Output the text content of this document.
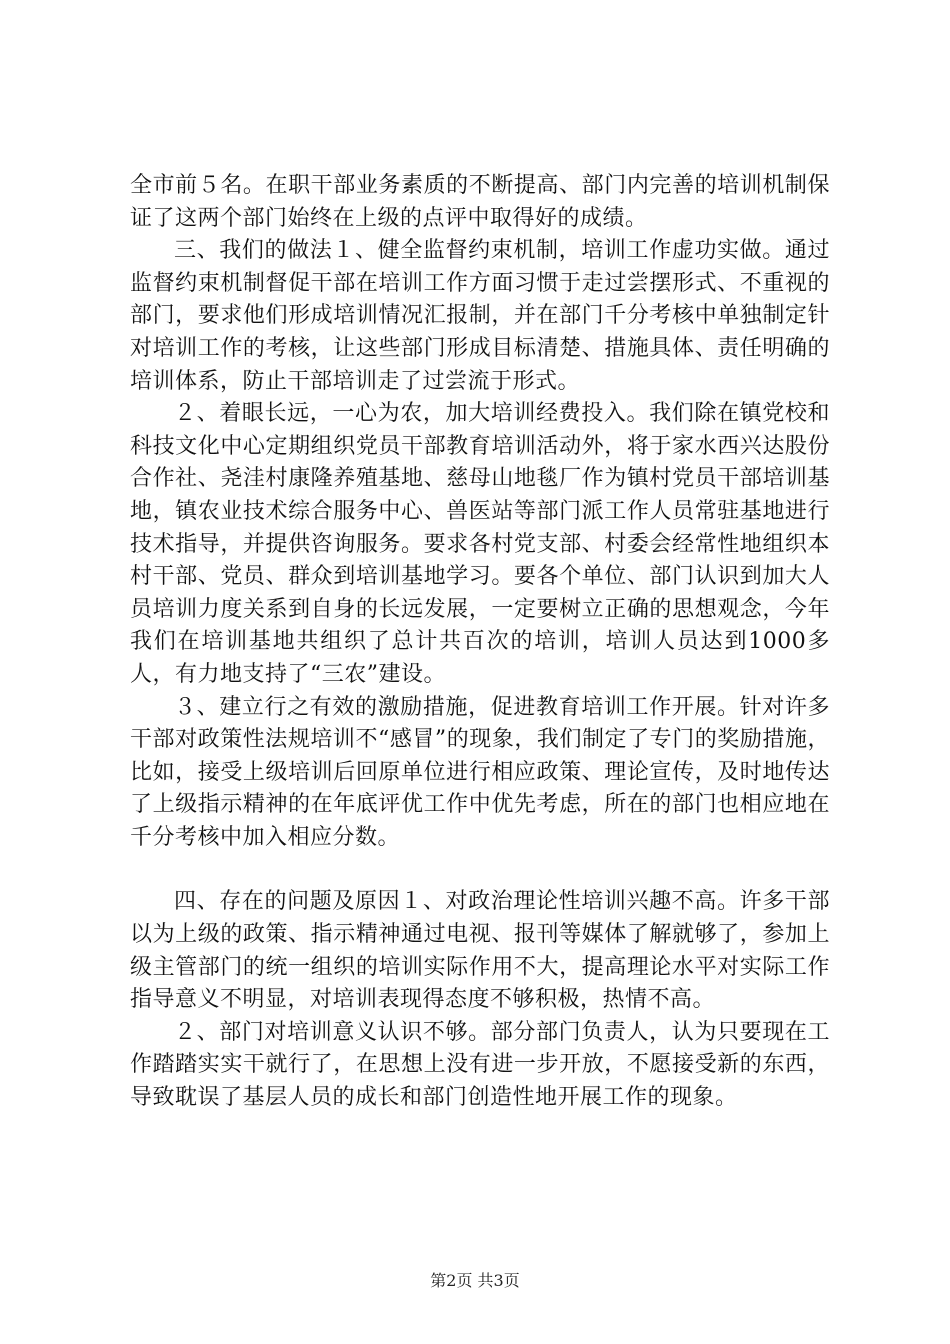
全市前５名。在职干部业务素质的不断提高、部门内完善的培训机制保证了这两个部门始终在上级的点评中取得好的成绩。

三、我们的做法１、健全监督约束机制，培训工作虚功实做。通过监督约束机制督促干部在培训工作方面习惯于走过尝摆形式、不重视的部门，要求他们形成培训情况汇报制，并在部门千分考核中单独制定针对培训工作的考核，让这些部门形成目标清楚、措施具体、责任明确的培训体系，防止干部培训走了过尝流于形式。

２、着眼长远，一心为农，加大培训经费投入。我们除在镇党校和科技文化中心定期组织党员干部教育培训活动外，将于家水西兴达股份合作社、尧洼村康隆养殖基地、慈母山地毯厂作为镇村党员干部培训基地，镇农业技术综合服务中心、兽医站等部门派工作人员常驻基地进行技术指导，并提供咨询服务。要求各村党支部、村委会经常性地组织本村干部、党员、群众到培训基地学习。要各个单位、部门认识到加大人员培训力度关系到自身的长远发展，一定要树立正确的思想观念，今年我们在培训基地共组织了总计共百次的培训，培训人员达到1000多人，有力地支持了“三农”建设。

３、建立行之有效的激励措施，促进教育培训工作开展。针对许多干部对政策性法规培训不“感冒”的现象，我们制定了专门的奖励措施，比如，接受上级培训后回原单位进行相应政策、理论宣传，及时地传达了上级指示精神的在年底评优工作中优先考虑，所在的部门也相应地在千分考核中加入相应分数。

四、存在的问题及原因１、对政治理论性培训兴趣不高。许多干部以为上级的政策、指示精神通过电视、报刊等媒体了解就够了，参加上级主管部门的统一组织的培训实际作用不大，提高理论水平对实际工作指导意义不明显，对培训表现得态度不够积极，热情不高。

２、部门对培训意义认识不够。部分部门负责人，认为只要现在工作踏踏实实干就行了，在思想上没有进一步开放，不愿接受新的东西，导致耽误了基层人员的成长和部门创造性地开展工作的现象。

第2页 共3页
